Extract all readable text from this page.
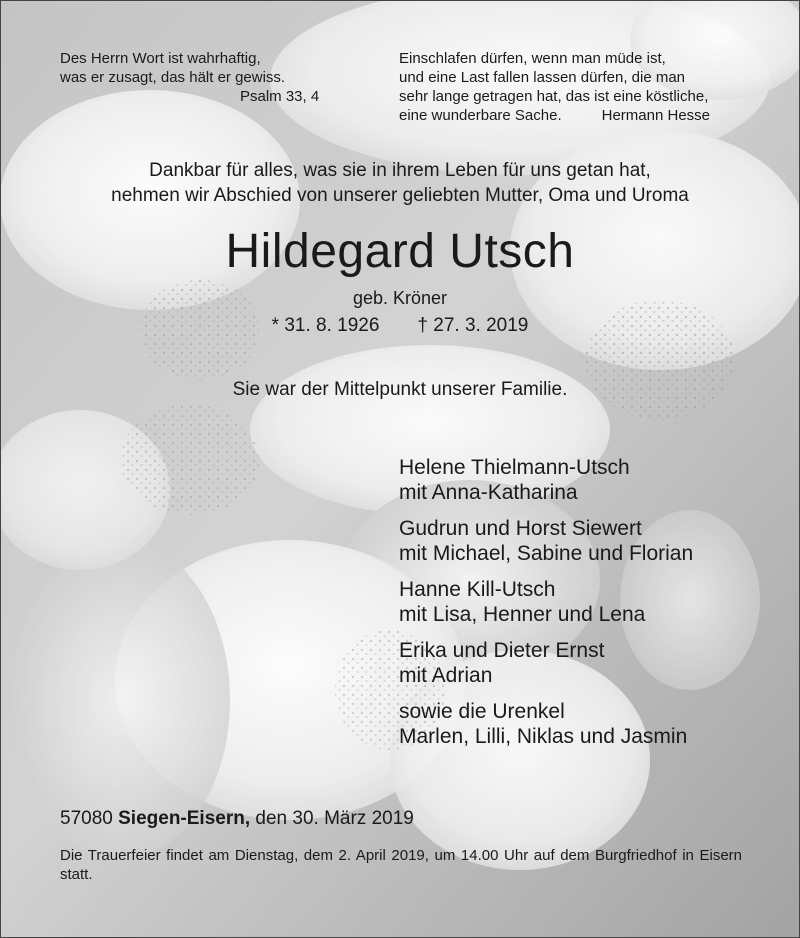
Des Herrn Wort ist wahrhaftig,
was er zusagt, das hält er gewiss.
Psalm 33, 4
Einschlafen dürfen, wenn man müde ist,
und eine Last fallen lassen dürfen, die man
sehr lange getragen hat, das ist eine köstliche,
eine wunderbare Sache.	Hermann Hesse
Dankbar für alles, was sie in ihrem Leben für uns getan hat,
nehmen wir Abschied von unserer geliebten Mutter, Oma und Uroma
Hildegard Utsch
geb. Kröner
* 31. 8. 1926 † 27. 3. 2019
Sie war der Mittelpunkt unserer Familie.
Helene Thielmann-Utsch
mit Anna-Katharina
Gudrun und Horst Siewert
mit Michael, Sabine und Florian
Hanne Kill-Utsch
mit Lisa, Henner und Lena
Erika und Dieter Ernst
mit Adrian
sowie die Urenkel
Marlen, Lilli, Niklas und Jasmin
57080 Siegen-Eisern, den 30. März 2019
Die Trauerfeier findet am Dienstag, dem 2. April 2019, um 14.00 Uhr auf dem Burgfriedhof in Eisern statt.
